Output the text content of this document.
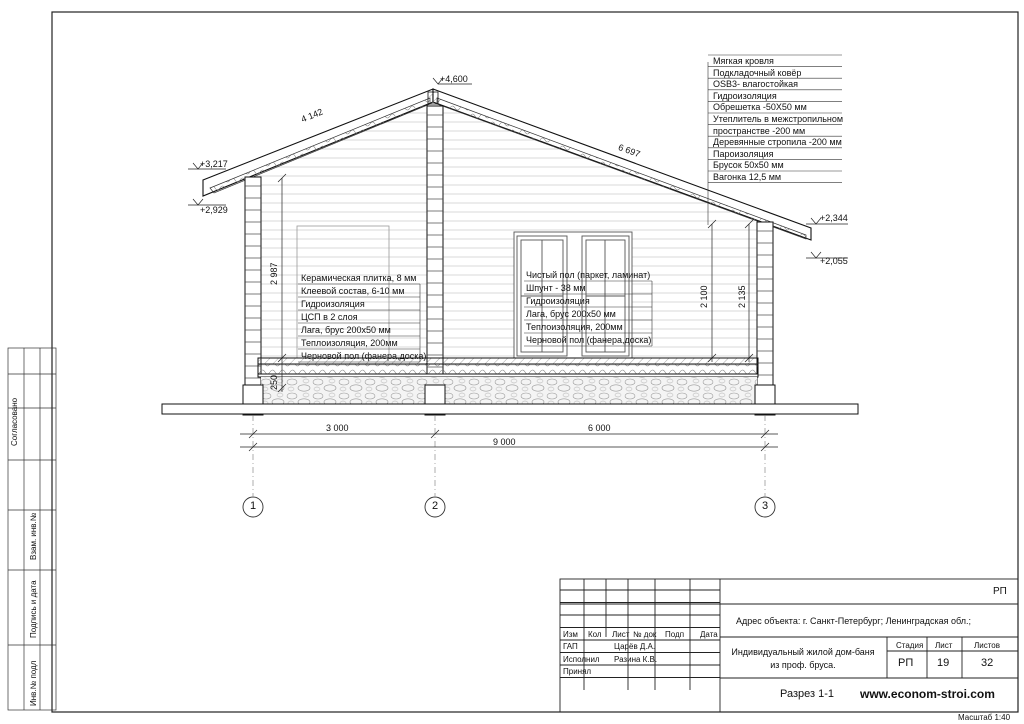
+4,600
+3,217
+2,929
+2,344
+2,055
4 142
6 697
2 987
250
2 100	2 135
3 000	6 000
9 000
1	2	3
Мягкая кровля
Подкладочный ковёр
OSB3- влагостойкая
Гидроизоляция
Обрешетка -50Х50 мм
Утеплитель в межстропильном
пространстве -200 мм
Деревянные стропила -200 мм
Пароизоляция
Брусок 50х50 мм
Вагонка 12,5 мм
Керамическая плитка, 8 мм
Клеевой состав, 6-10 мм
Гидроизоляция
ЦСП в 2 слоя
Лага, брус 200х50 мм
Теплоизоляция, 200мм
Черновой пол (фанера,доска)
Чистый пол (паркет, ламинат)
Шпунт - 38 мм
Гидроизоляция
Лага, брус 200х50 мм
Теплоизоляция, 200мм
Черновой пол (фанера,доска)
Согласовано
Взам. инв.№
Подпись и дата
Инв.№ подл
РП
Адрес объекта: г. Санкт-Петербург; Ленинградская обл.;
Изм Кол Лист № док Подп Дата
ГАП	Царёв Д.А.
Исполнил Разина К.В.
Принял
Индивидуальный жилой дом-баня из проф. бруса.
Стадия Лист	Листов
РП 19	32
Разрез 1-1 www.econom-stroi.com
Масштаб 1:40
